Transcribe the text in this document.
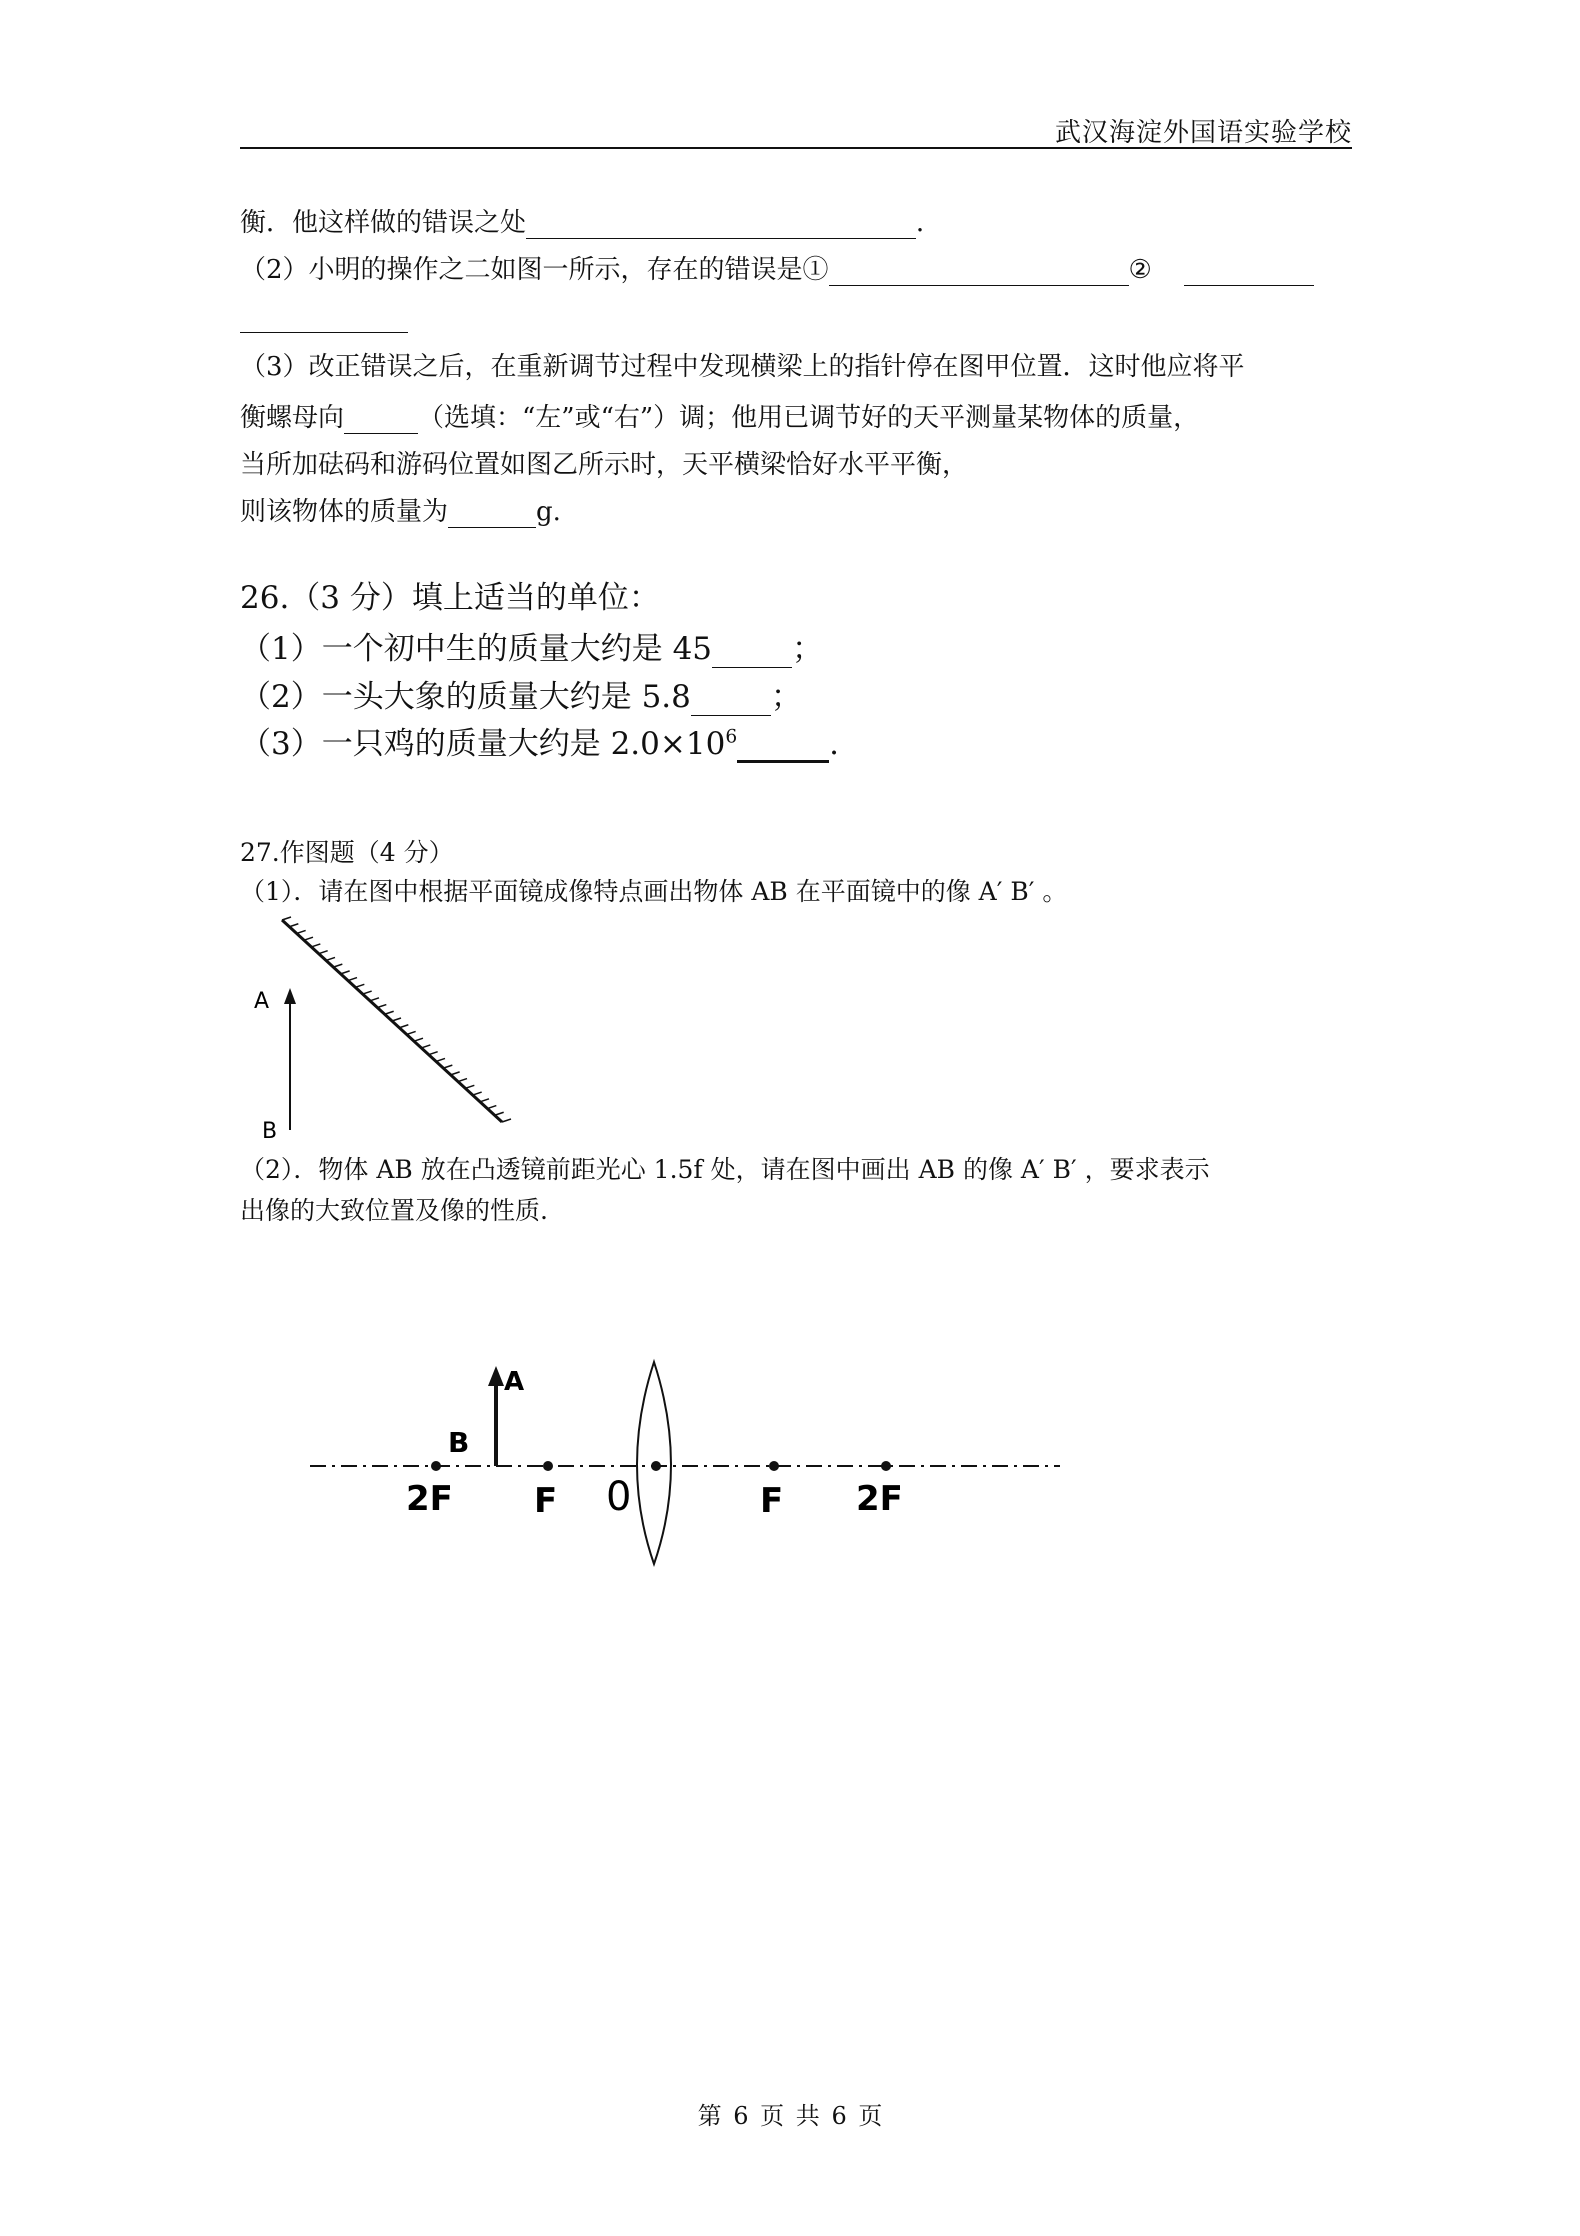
武汉海淀外国语实验学校
衡．他这样做的错误之处	．
（2）小明的操作之二如图一所示，存在的错误是①	②
（3）改正错误之后，在重新调节过程中发现横梁上的指针停在图甲位置．这时他应将平
衡螺母向	（选填：“左”或“右”）调；他用已调节好的天平测量某物体的质量，
当所加砝码和游码位置如图乙所示时，天平横梁恰好水平平衡，
则该物体的质量为	g.
26.（3 分）填上适当的单位：
（1）一个初中生的质量大约是 45	；
（2）一头大象的质量大约是 5.8	；
（3）一只鸡的质量大约是 $2.0\times 10^6$	.
27.作图题（4 分）
（1）．请在图中根据平面镜成像特点画出物体 AB 在平面镜中的像 A′ B′ 。
A
B
（2）．物体 AB 放在凸透镜前距光心 1.5f 处，请在图中画出 AB 的像 A′ B′ ，要求表示
出像的大致位置及像的性质.
A
B
2F F 0	F 2F
第 6 页 共 6 页
